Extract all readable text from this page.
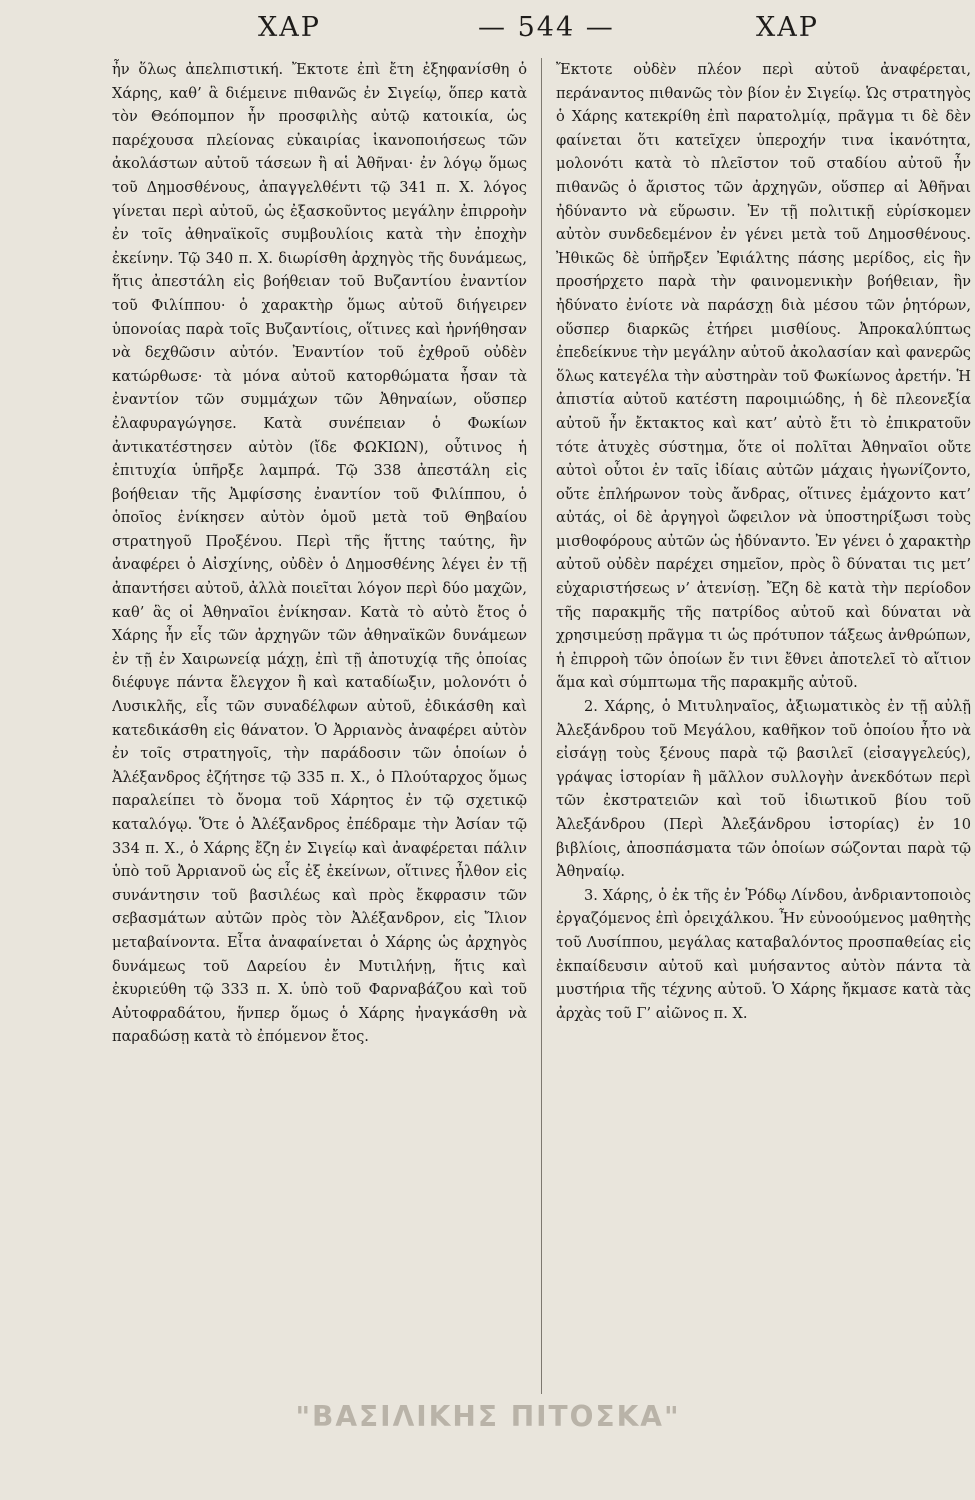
ΧΑΡ	— 544 —	ΧΑΡ

ἦν ὅλως ἀπελπιστική. Ἔκτοτε ἐπὶ ἔτη ἐξηφανίσθη ὁ Χάρης, καθ’ ἃ διέμεινε πιθανῶς ἐν Σιγείῳ, ὅπερ κατὰ τὸν Θεόπομπον ἦν προσφιλὴς αὐτῷ κατοικία, ὡς παρέχουσα πλείονας εὐκαιρίας ἱκανοποιήσεως τῶν ἀκολάστων αὐτοῦ τάσεων ἢ αἱ Ἀθῆναι· ἐν λόγῳ ὅμως τοῦ Δημοσθένους, ἀπαγγελθέντι τῷ 341 π. Χ. λόγος γίνεται περὶ αὐτοῦ, ὡς ἐξασκοῦντος μεγάλην ἐπιρροὴν ἐν τοῖς ἀθηναϊκοῖς συμβουλίοις κατὰ τὴν ἐποχὴν ἐκείνην. Τῷ 340 π. Χ. διωρίσθη ἀρχηγὸς τῆς δυνάμεως, ἥτις ἀπεστάλη εἰς βοήθειαν τοῦ Βυζαντίου ἐναντίον τοῦ Φιλίππου· ὁ χαρακτὴρ ὅμως αὐτοῦ διήγειρεν ὑπονοίας παρὰ τοῖς Βυζαντίοις, οἵτινες καὶ ἠρνήθησαν νὰ δεχθῶσιν αὐτόν. Ἐναντίον τοῦ ἐχθροῦ οὐδὲν κατώρθωσε· τὰ μόνα αὐτοῦ κατορθώματα ἦσαν τὰ ἐναντίον τῶν συμμάχων τῶν Ἀθηναίων, οὕσπερ ἐλαφυραγώγησε. Κατὰ συνέπειαν ὁ Φωκίων ἀντικατέστησεν αὐτὸν (ἴδε ΦΩΚΙΩΝ), οὗτινος ἡ ἐπιτυχία ὑπῆρξε λαμπρά. Τῷ 338 ἀπεστάλη εἰς βοήθειαν τῆς Ἀμφίσσης ἐναντίον τοῦ Φιλίππου, ὁ ὁποῖος ἐνίκησεν αὐτὸν ὁμοῦ μετὰ τοῦ Θηβαίου στρατηγοῦ Προξένου. Περὶ τῆς ἥττης ταύτης, ἣν ἀναφέρει ὁ Αἰσχίνης, οὐδὲν ὁ Δημοσθένης λέγει ἐν τῇ ἀπαντήσει αὐτοῦ, ἀλλὰ ποιεῖται λόγον περὶ δύο μαχῶν, καθ’ ἃς οἱ Ἀθηναῖοι ἐνίκησαν. Κατὰ τὸ αὐτὸ ἔτος ὁ Χάρης ἦν εἷς τῶν ἀρχηγῶν τῶν ἀθηναϊκῶν δυνάμεων ἐν τῇ ἐν Χαιρωνείᾳ μάχῃ, ἐπὶ τῇ ἀποτυχίᾳ τῆς ὁποίας διέφυγε πάντα ἔλεγχον ἢ καὶ καταδίωξιν, μολονότι ὁ Λυσικλῆς, εἷς τῶν συναδέλφων αὐτοῦ, ἐδικάσθη καὶ κατεδικάσθη εἰς θάνατον. Ὁ Ἀρριανὸς ἀναφέρει αὐτὸν ἐν τοῖς στρατηγοῖς, τὴν παράδοσιν τῶν ὁποίων ὁ Ἀλέξανδρος ἐζήτησε τῷ 335 π. Χ., ὁ Πλούταρχος ὅμως παραλείπει τὸ ὄνομα τοῦ Χάρητος ἐν τῷ σχετικῷ καταλόγῳ. Ὅτε ὁ Ἀλέξανδρος ἐπέδραμε τὴν Ἀσίαν τῷ 334 π. Χ., ὁ Χάρης ἔζη ἐν Σιγείῳ καὶ ἀναφέρεται πάλιν ὑπὸ τοῦ Ἀρριανοῦ ὡς εἷς ἐξ ἐκείνων, οἵτινες ἦλθον εἰς συνάντησιν τοῦ βασιλέως καὶ πρὸς ἔκφρασιν τῶν σεβασμάτων αὐτῶν πρὸς τὸν Ἀλέξανδρον, εἰς Ἴλιον μεταβαίνοντα. Εἶτα ἀναφαίνεται ὁ Χάρης ὡς ἀρχηγὸς δυνάμεως τοῦ Δαρείου ἐν Μυτιλήνῃ, ἥτις καὶ ἐκυριεύθη τῷ 333 π. Χ. ὑπὸ τοῦ Φαρναβάζου καὶ τοῦ Αὐτοφραδάτου, ἥνπερ ὅμως ὁ Χάρης ἠναγκάσθη νὰ παραδώσῃ κατὰ τὸ ἐπόμενον ἔτος.

Ἔκτοτε οὐδὲν πλέον περὶ αὐτοῦ ἀναφέρεται, περάναντος πιθανῶς τὸν βίον ἐν Σιγείῳ. Ὡς στρατηγὸς ὁ Χάρης κατεκρίθη ἐπὶ παρατολμίᾳ, πρᾶγμα τι δὲ δὲν φαίνεται ὅτι κατεῖχεν ὑπεροχήν τινα ἱκανότητα, μολονότι κατὰ τὸ πλεῖστον τοῦ σταδίου αὐτοῦ ἦν πιθανῶς ὁ ἄριστος τῶν ἀρχηγῶν, οὕσπερ αἱ Ἀθῆναι ἠδύναντο νὰ εὕρωσιν. Ἐν τῇ πολιτικῇ εὑρίσκομεν αὐτὸν συνδεδεμένον ἐν γένει μετὰ τοῦ Δημοσθένους. Ἠθικῶς δὲ ὑπῆρξεν Ἐφιάλτης πάσης μερίδος, εἰς ἣν προσήρχετο παρὰ τὴν φαινομενικὴν βοήθειαν, ἣν ἠδύνατο ἐνίοτε νὰ παράσχῃ διὰ μέσου τῶν ῥητόρων, οὕσπερ διαρκῶς ἐτήρει μισθίους. Ἀπροκαλύπτως ἐπεδείκνυε τὴν μεγάλην αὐτοῦ ἀκολασίαν καὶ φανερῶς ὅλως κατεγέλα τὴν αὐστηρὰν τοῦ Φωκίωνος ἀρετήν. Ἡ ἀπιστία αὐτοῦ κατέστη παροιμιώδης, ἡ δὲ πλεονεξία αὐτοῦ ἦν ἔκτακτος καὶ κατ’ αὐτὸ ἔτι τὸ ἐπικρατοῦν τότε ἀτυχὲς σύστημα, ὅτε οἱ πολῖται Ἀθηναῖοι οὔτε αὐτοὶ οὗτοι ἐν ταῖς ἰδίαις αὐτῶν μάχαις ἠγωνίζοντο, οὔτε ἐπλήρωνον τοὺς ἄνδρας, οἵτινες ἐμάχοντο κατ’ αὐτάς, οἱ δὲ ἀργηγοὶ ὤφειλον νὰ ὑποστηρίξωσι τοὺς μισθοφόρους αὐτῶν ὡς ἠδύναντο. Ἐν γένει ὁ χαρακτὴρ αὐτοῦ οὐδὲν παρέχει σημεῖον, πρὸς ὃ δύναται τις μετ’ εὐχαριστήσεως ν’ ἀτενίσῃ. Ἔζη δὲ κατὰ τὴν περίοδον τῆς παρακμῆς τῆς πατρίδος αὐτοῦ καὶ δύναται νὰ χρησιμεύσῃ πρᾶγμα τι ὡς πρότυπον τάξεως ἀνθρώπων, ἡ ἐπιρροὴ τῶν ὁποίων ἔν τινι ἔθνει ἀποτελεῖ τὸ αἴτιον ἅμα καὶ σύμπτωμα τῆς παρακμῆς αὐτοῦ.

2. Χάρης, ὁ Μιτυληναῖος, ἀξιωματικὸς ἐν τῇ αὐλῇ Ἀλεξάνδρου τοῦ Μεγάλου, καθῆκον τοῦ ὁποίου ἦτο νὰ εἰσάγῃ τοὺς ξένους παρὰ τῷ βασιλεῖ (εἰσαγγελεύς), γράψας ἱστορίαν ἢ μᾶλλον συλλογὴν ἀνεκδότων περὶ τῶν ἐκστρατειῶν καὶ τοῦ ἰδιωτικοῦ βίου τοῦ Ἀλεξάνδρου (Περὶ Ἀλεξάνδρου ἱστορίας) ἐν 10 βιβλίοις, ἀποσπάσματα τῶν ὁποίων σώζονται παρὰ τῷ Ἀθηναίῳ.

3. Χάρης, ὁ ἐκ τῆς ἐν Ῥόδῳ Λίνδου, ἀνδριαντοποιὸς ἐργαζόμενος ἐπὶ ὀρειχάλκου. Ἦν εὐνοούμενος μαθητὴς τοῦ Λυσίππου, μεγάλας καταβαλόντος προσπαθείας εἰς ἐκπαίδευσιν αὐτοῦ καὶ μυήσαντος αὐτὸν πάντα τὰ μυστήρια τῆς τέχνης αὐτοῦ. Ὁ Χάρης ἤκμασε κατὰ τὰς ἀρχὰς τοῦ Γ’ αἰῶνος π. Χ.

"ΒΑΣΙΛΙΚΗΣ ΠΙΤΟΣΚΑ"
